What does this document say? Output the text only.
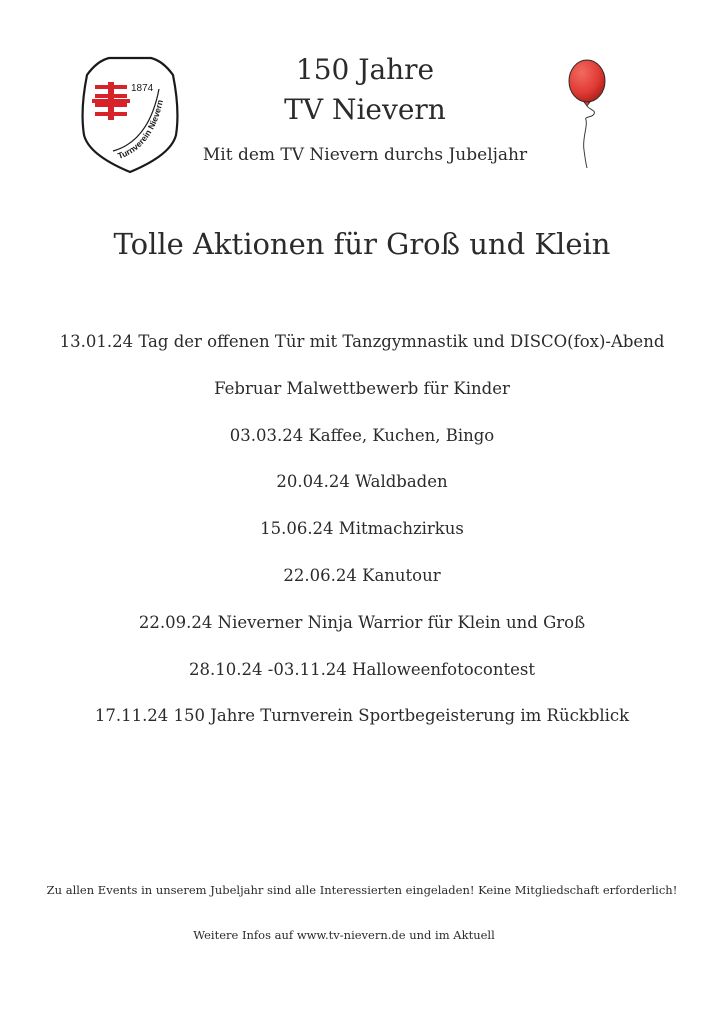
1874
Turnverein Nievern
150 Jahre
TV Nievern
Mit dem TV Nievern durchs Jubeljahr
Tolle Aktionen für Groß und Klein
13.01.24 Tag der offenen Tür mit Tanzgymnastik und DISCO(fox)-Abend
Februar Malwettbewerb für Kinder
03.03.24 Kaffee, Kuchen, Bingo
20.04.24 Waldbaden
15.06.24 Mitmachzirkus
22.06.24 Kanutour
22.09.24 Nieverner Ninja Warrior für Klein und Groß
28.10.24 -03.11.24 Halloweenfotocontest
17.11.24 150 Jahre Turnverein Sportbegeisterung im Rückblick
Zu allen Events in unserem Jubeljahr sind alle Interessierten eingeladen! Keine Mitgliedschaft erforderlich!
Weitere Infos auf www.tv-nievern.de und im Aktuell
